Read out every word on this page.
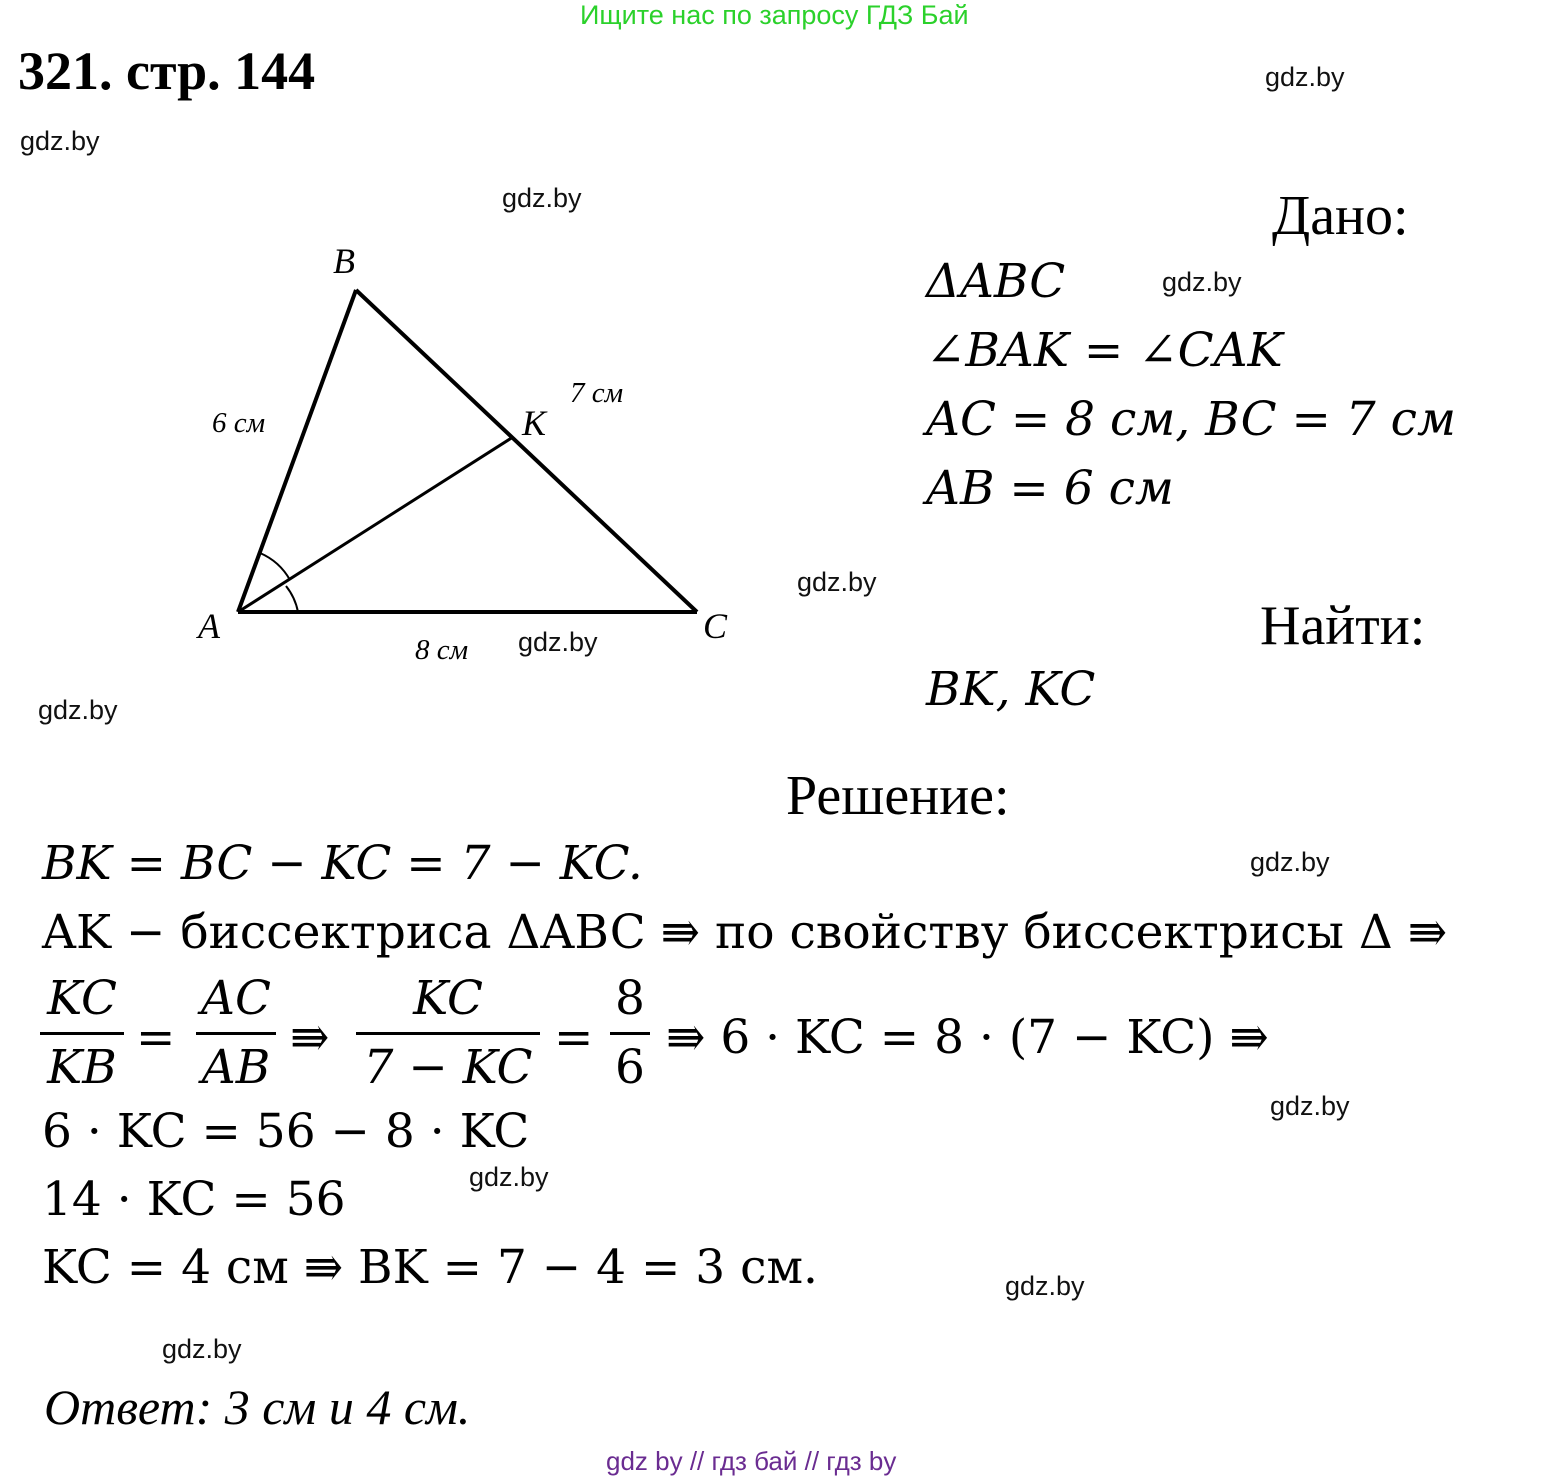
Ищите нас по запросу ГДЗ Бай
321. стр. 144	gdz.by
gdz.by
gdz.by
gdz.by
gdz.by
gdz.by
gdz.by
gdz.by
gdz.by
gdz.by
gdz.by
gdz.by
B
A	C
K
6 см
7 см
8 см
Дано:
ΔABC
∠BAK = ∠CAK
AC = 8 см, BC = 7 см
AB = 6 см
Найти:
BK, KC
Решение:
BK = BC − KC = 7 − KC.
AK − биссектриса ΔABC ⇛ по свойству биссектрисы Δ ⇛
KC
KB
=
AC
AB
⇛
KC
7 − KC
=
8
6
⇛ 6 · KC = 8 · (7 − KC) ⇛
6 · KC = 56 − 8 · KC
14 · KC = 56
KC = 4 см ⇛ BK = 7 − 4 = 3 см.
Ответ: 3 см и 4 см.
gdz by // гдз бай // гдз by
